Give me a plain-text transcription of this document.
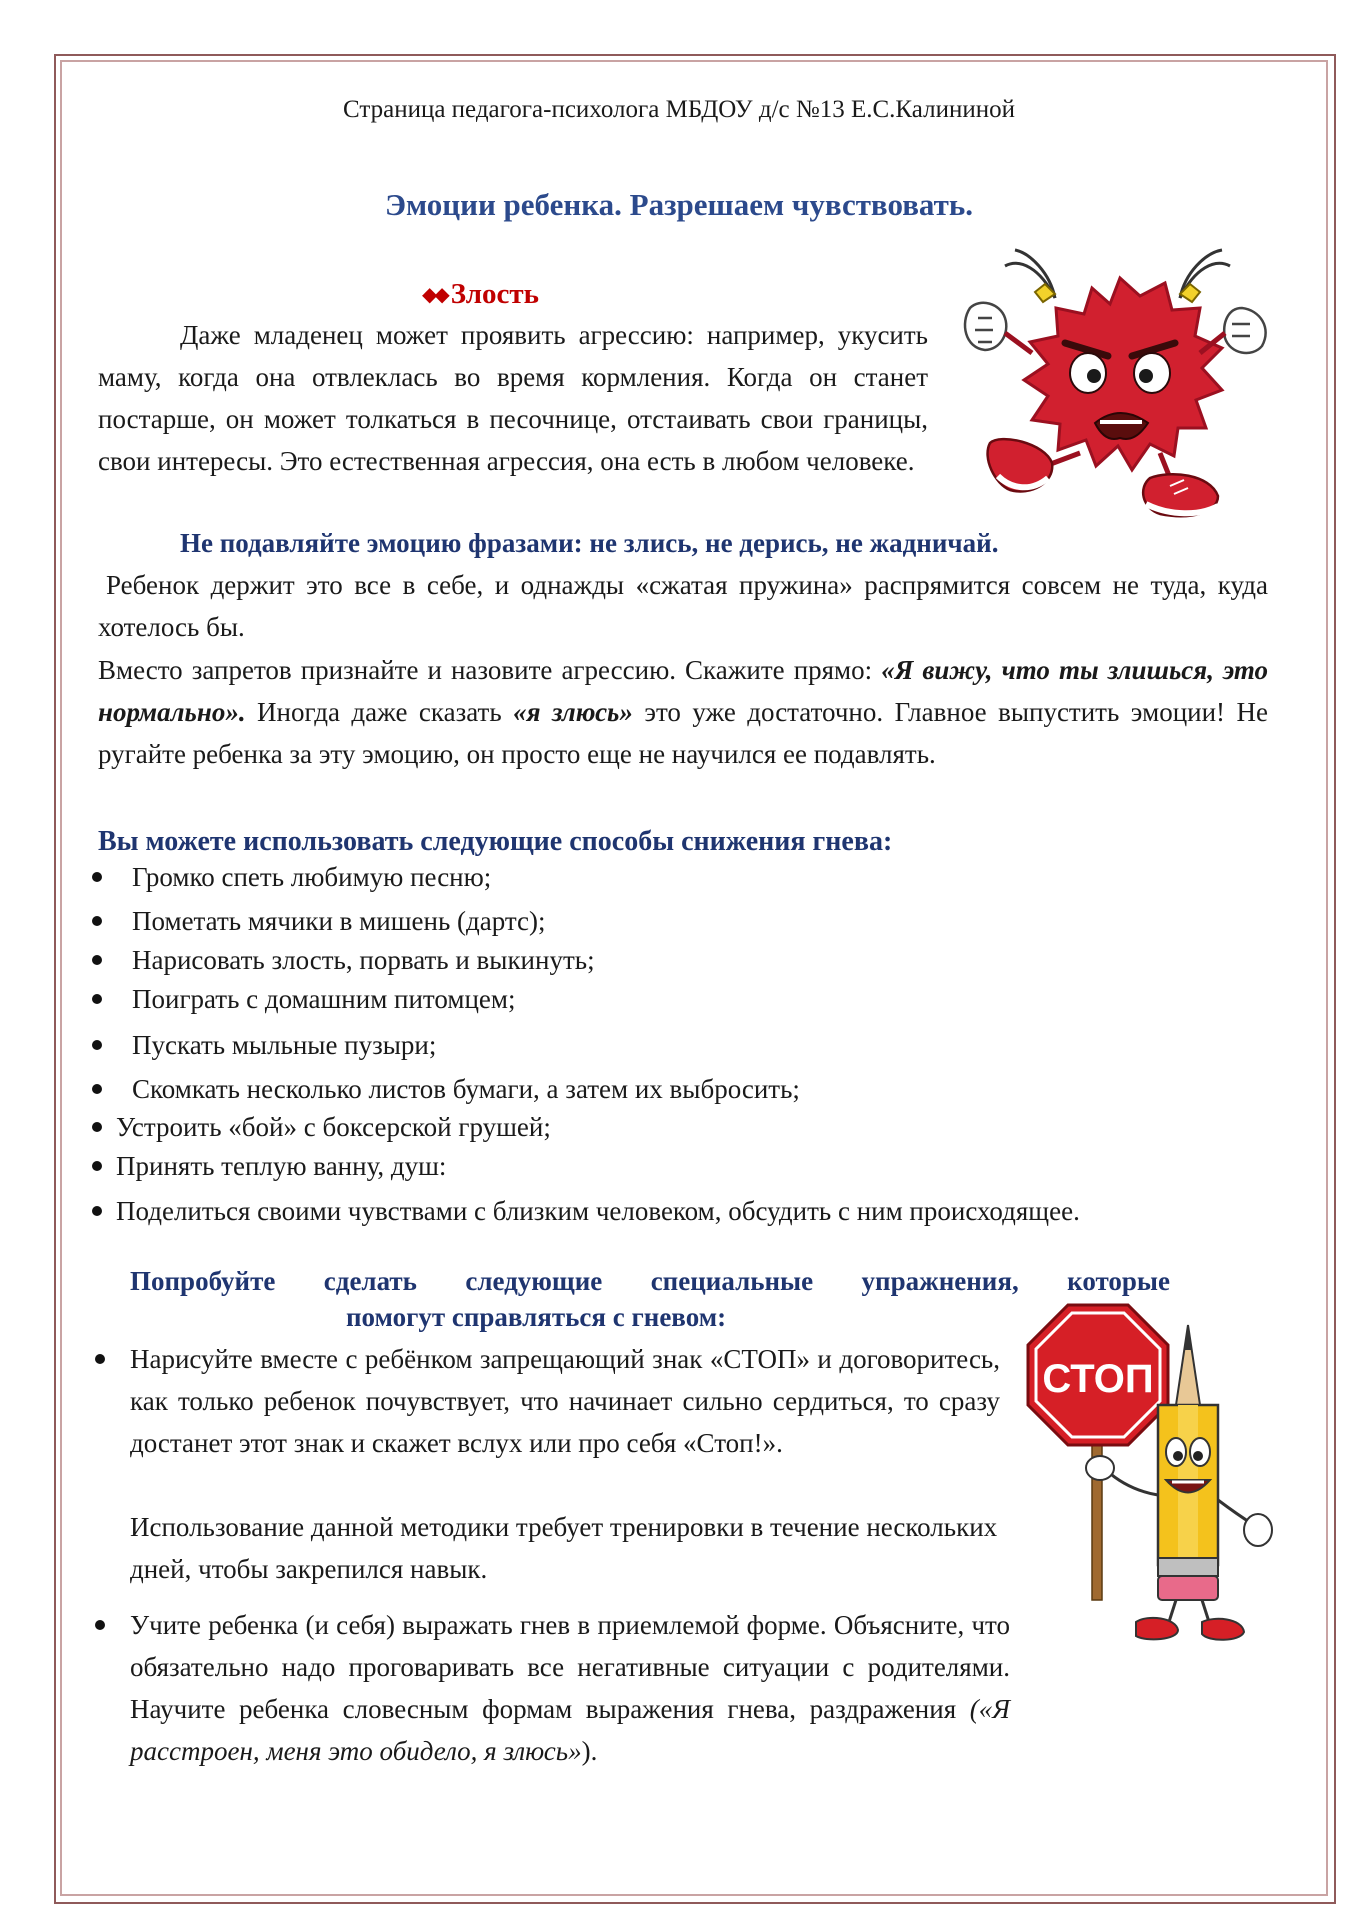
Страница педагога-психолога МБДОУ д/с №13 Е.С.Калининой
Эмоции ребенка. Разрешаем чувствовать.
◆◆ Злость
Даже младенец может проявить агрессию: например, укусить маму, когда она отвлеклась во время кормления. Когда он станет постарше, он может толкаться в песочнице, отстаивать свои границы, свои интересы. Это естественная агрессия, она есть в любом человеке.
Не подавляйте эмоцию фразами: не злись, не дерись, не жадничай.
Ребенок держит это все в себе, и однажды «сжатая пружина» распрямится совсем не туда, куда хотелось бы.
Вместо запретов признайте и назовите агрессию. Скажите прямо: «Я вижу, что ты злишься, это нормально». Иногда даже сказать «я злюсь» это уже достаточно. Главное выпустить эмоции! Не ругайте ребенка за эту эмоцию, он просто еще не научился ее подавлять.
Вы можете использовать следующие способы снижения гнева:
Громко спеть любимую песню;
Пометать мячики в мишень (дартс);
Нарисовать злость, порвать и выкинуть;
Поиграть с домашним питомцем;
Пускать мыльные пузыри;
Скомкать несколько листов бумаги, а затем их выбросить;
Устроить «бой» с боксерской грушей;
Принять теплую ванну, душ:
Поделиться своими чувствами с близким человеком, обсудить с ним происходящее.
Попробуйте сделать следующие специальные упражнения, которые
помогут справляться с гневом:
СТОП
Нарисуйте вместе с ребёнком запрещающий знак «СТОП» и договоритесь, как только ребенок почувствует, что начинает сильно сердиться, то сразу достанет этот знак и скажет вслух или про себя «Стоп!».
Использование данной методики требует тренировки в течение нескольких дней, чтобы закрепился навык.
Учите ребенка (и себя) выражать гнев в приемлемой форме. Объясните, что обязательно надо проговаривать все негативные ситуации с родителями. Научите ребенка словесным формам выражения гнева, раздражения («Я расстроен, меня это обидело, я злюсь»).
